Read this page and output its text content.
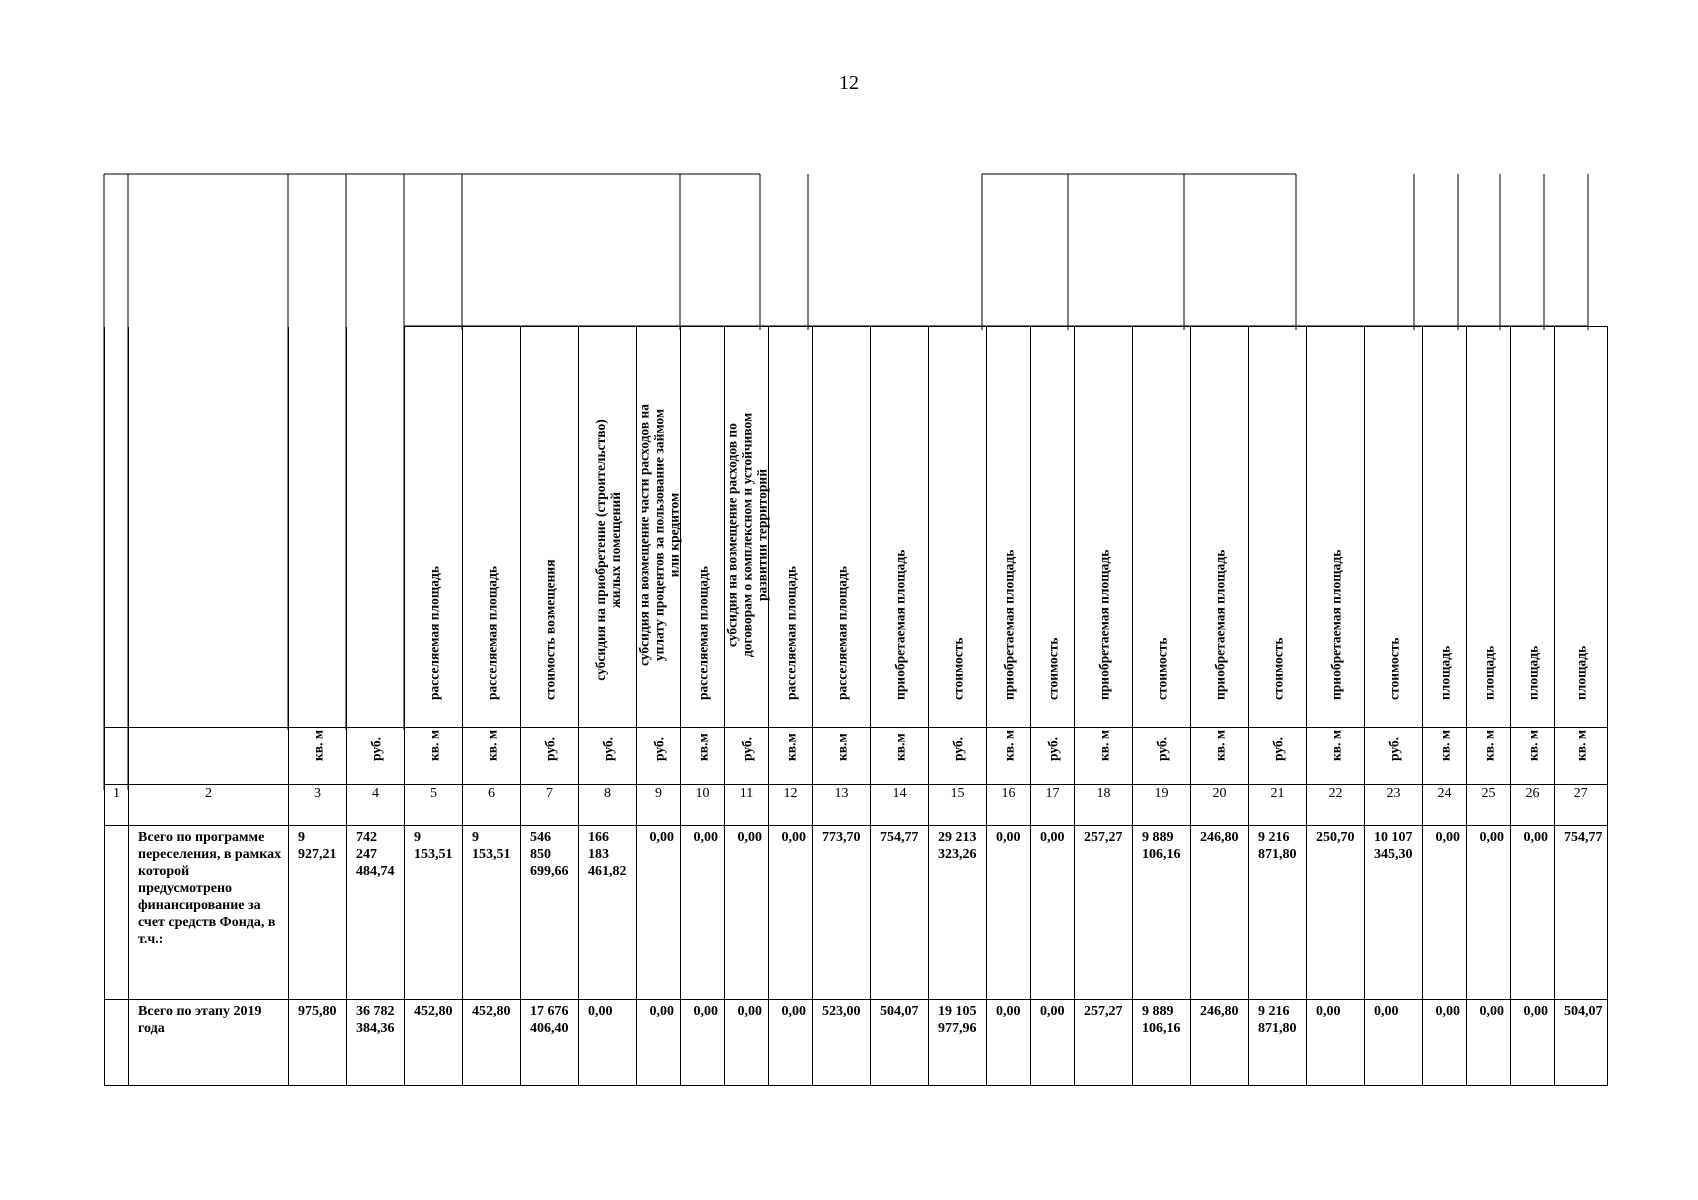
12

				расселяемая площадь	расселяемая площадь	стоимость возмещения	субсидия на приобретение (строительство) жилых помещений	субсидия на возмещение части расходов на уплату процентов за пользование займом или кредитом	расселяемая площадь	субсидия на возмещение расходов по договорам о комплексном и устойчивом развитии территорий	расселяемая площадь	расселяемая площадь	приобретаемая площадь	стоимость	приобретаемая площадь	стоимость	приобретаемая площадь	стоимость	приобретаемая площадь	стоимость	приобретаемая площадь	стоимость	площадь	площадь	площадь	площадь

		кв. м	руб.	кв. м	кв. м	руб.	руб.	руб.	кв.м	руб.	кв.м	кв.м	кв.м	руб.	кв. м	руб.	кв. м	руб.	кв. м	руб.	кв. м	руб.	кв. м	кв. м	кв. м	кв. м

1	2	3	4	5	6	7	8	9	10	11	12	13	14	15	16	17	18	19	20	21	22	23	24	25	26	27
	Всего по программе переселения, в рамках которой предусмотрено финансирование за счет средств Фонда, в т.ч.:	9 927,21	742 247 484,74	9 153,51	9 153,51	546 850 699,66	166 183 461,82	0,00	0,00	0,00	0,00	773,70	754,77	29 213 323,26	0,00	0,00	257,27	9 889 106,16	246,80	9 216 871,80	250,70	10 107 345,30	0,00	0,00	0,00	754,77
	Всего по этапу 2019 года	975,80	36 782 384,36	452,80	452,80	17 676 406,40	0,00	0,00	0,00	0,00	0,00	523,00	504,07	19 105 977,96	0,00	0,00	257,27	9 889 106,16	246,80	9 216 871,80	0,00	0,00	0,00	0,00	0,00	504,07
